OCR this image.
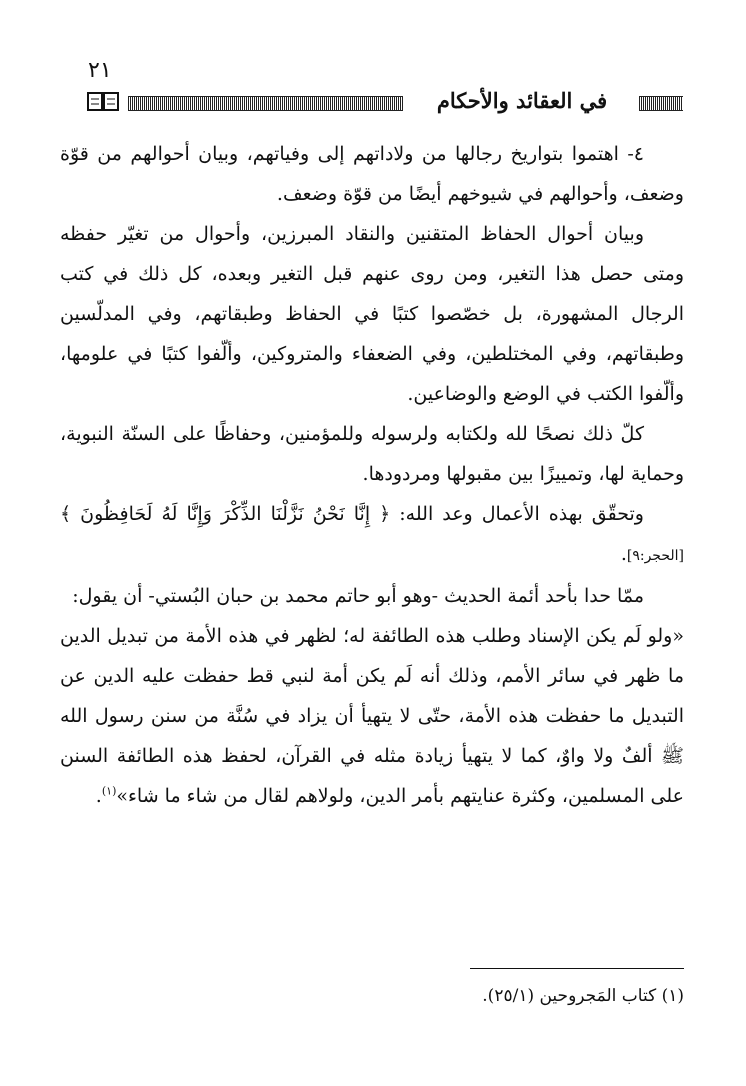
٢١
في العقائد والأحكام

٤- اهتموا بتواريخ رجالها من ولاداتهم إلى وفياتهم، وبيان أحوالهم من قوّة وضعف، وأحوالهم في شيوخهم أيضًا من قوّة وضعف.

وبيان أحوال الحفاظ المتقنين والنقاد المبرزين، وأحوال من تغيّر حفظه ومتى حصل هذا التغير، ومن روى عنهم قبل التغير وبعده، كل ذلك في كتب الرجال المشهورة، بل خصّصوا كتبًا في الحفاظ وطبقاتهم، وفي المدلّسين وطبقاتهم، وفي المختلطين، وفي الضعفاء والمتروكين، وألّفوا كتبًا في علومها، وألّفوا الكتب في الوضع والوضاعين.

كلّ ذلك نصحًا لله ولكتابه ولرسوله وللمؤمنين، وحفاظًا على السنّة النبوية، وحماية لها، وتمييزًا بين مقبولها ومردودها.

وتحقّق بهذه الأعمال وعد الله: ﴿ إِنَّا نَحْنُ نَزَّلْنَا الذِّكْرَ وَإِنَّا لَهُ لَحَافِظُونَ ﴾ [الحجر:٩].

ممّا حدا بأحد أئمة الحديث -وهو أبو حاتم محمد بن حبان البُستي- أن يقول:

«ولو لَم يكن الإسناد وطلب هذه الطائفة له؛ لظهر في هذه الأمة من تبديل الدين ما ظهر في سائر الأمم، وذلك أنه لَم يكن أمة لنبي قط حفظت عليه الدين عن التبديل ما حفظت هذه الأمة، حتّى لا يتهيأ أن يزاد في سُنَّة من سنن رسول الله ﷺ ألفٌ ولا واوٌ، كما لا يتهيأ زيادة مثله في القرآن، لحفظ هذه الطائفة السنن على المسلمين، وكثرة عنايتهم بأمر الدين، ولولاهم لقال من شاء ما شاء»$^{(١)}$.

(١) كتاب المَجروحين (٢٥/١).
